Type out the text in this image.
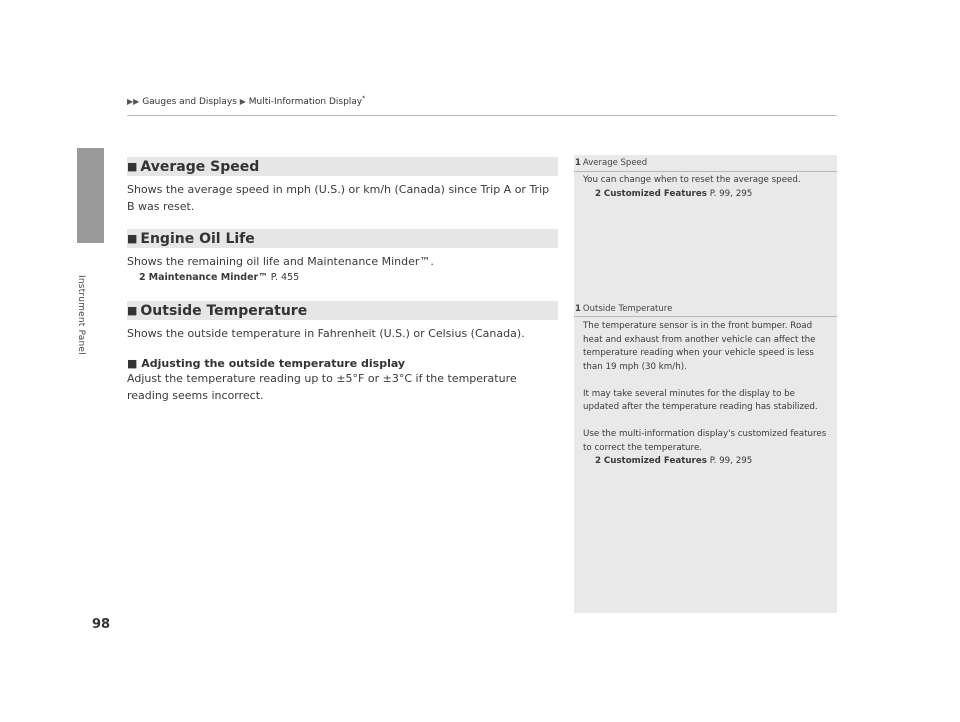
Instrument Panel
▶▶ Gauges and Displays ▶ Multi-Information Display*
■ Average Speed
Shows the average speed in mph (U.S.) or km/h (Canada) since Trip A or Trip B was reset.
■ Engine Oil Life
Shows the remaining oil life and Maintenance Minder™.
2 Maintenance Minder™ P. 455
■ Outside Temperature
Shows the outside temperature in Fahrenheit (U.S.) or Celsius (Canada).
■ Adjusting the outside temperature display
Adjust the temperature reading up to ±5°F or ±3°C if the temperature reading seems incorrect.
1 Average Speed

You can change when to reset the average speed.

2 Customized Features P. 99, 295

1 Outside Temperature

The temperature sensor is in the front bumper. Road heat and exhaust from another vehicle can affect the temperature reading when your vehicle speed is less than 19 mph (30 km/h).

It may take several minutes for the display to be updated after the temperature reading has stabilized.

Use the multi-information display's customized features to correct the temperature.

2 Customized Features P. 99, 295

98
